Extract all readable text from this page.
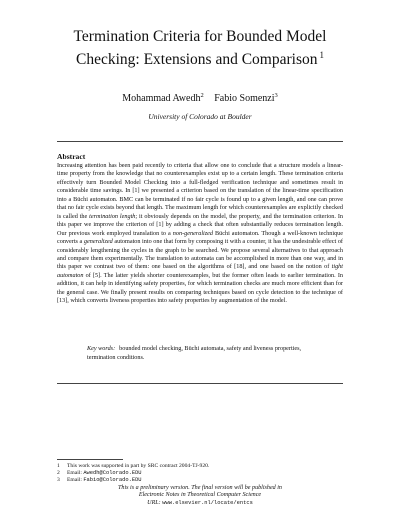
Termination Criteria for Bounded Model
Checking: Extensions and Comparison $^1$
Mohammad Awedh$^2$ Fabio Somenzi$^3$
University of Colorado at Boulder
Abstract
Increasing attention has been paid recently to criteria that allow one to conclude that a structure models a linear-time property from the knowledge that no counterexamples exist up to a certain length. These termination criteria effectively turn Bounded Model Checking into a full-fledged verification technique and sometimes result in considerable time savings. In [1] we presented a criterion based on the translation of the linear-time specification into a Büchi automaton. BMC can be terminated if no fair cycle is found up to a given length, and one can prove that no fair cycle exists beyond that length. The maximum length for which counterexamples are explicitly checked is called the termination length; it obviously depends on the model, the property, and the termination criterion. In this paper we improve the criterion of [1] by adding a check that often substantially reduces termination length. Our previous work employed translation to a non-generalized Büchi automaton. Though a well-known technique converts a generalized automaton into one that form by composing it with a counter, it has the undesirable effect of considerably lengthening the cycles in the graph to be searched. We propose several alternatives to that approach and compare them experimentally. The translation to automata can be accomplished in more than one way, and in this paper we contrast two of them: one based on the algorithms of [18], and one based on the notion of tight automaton of [5]. The latter yields shorter counterexamples, but the former often leads to earlier termination. In addition, it can help in identifying safety properties, for which termination checks are much more efficient than for the general case. We finally present results on comparing techniques based on cycle detection to the technique of [13], which converts liveness properties into safety properties by augmentation of the model.
Key words: bounded model checking, Büchi automata, safety and liveness properties, termination conditions.
1 This work was supported in part by SRC contract 2004-TJ-920.
2 Email: Awedh@Colorado.EDU
3 Email: Fabio@Colorado.EDU
This is a preliminary version. The final version will be published in
Electronic Notes in Theoretical Computer Science
URL: www.elsevier.nl/locate/entcs
